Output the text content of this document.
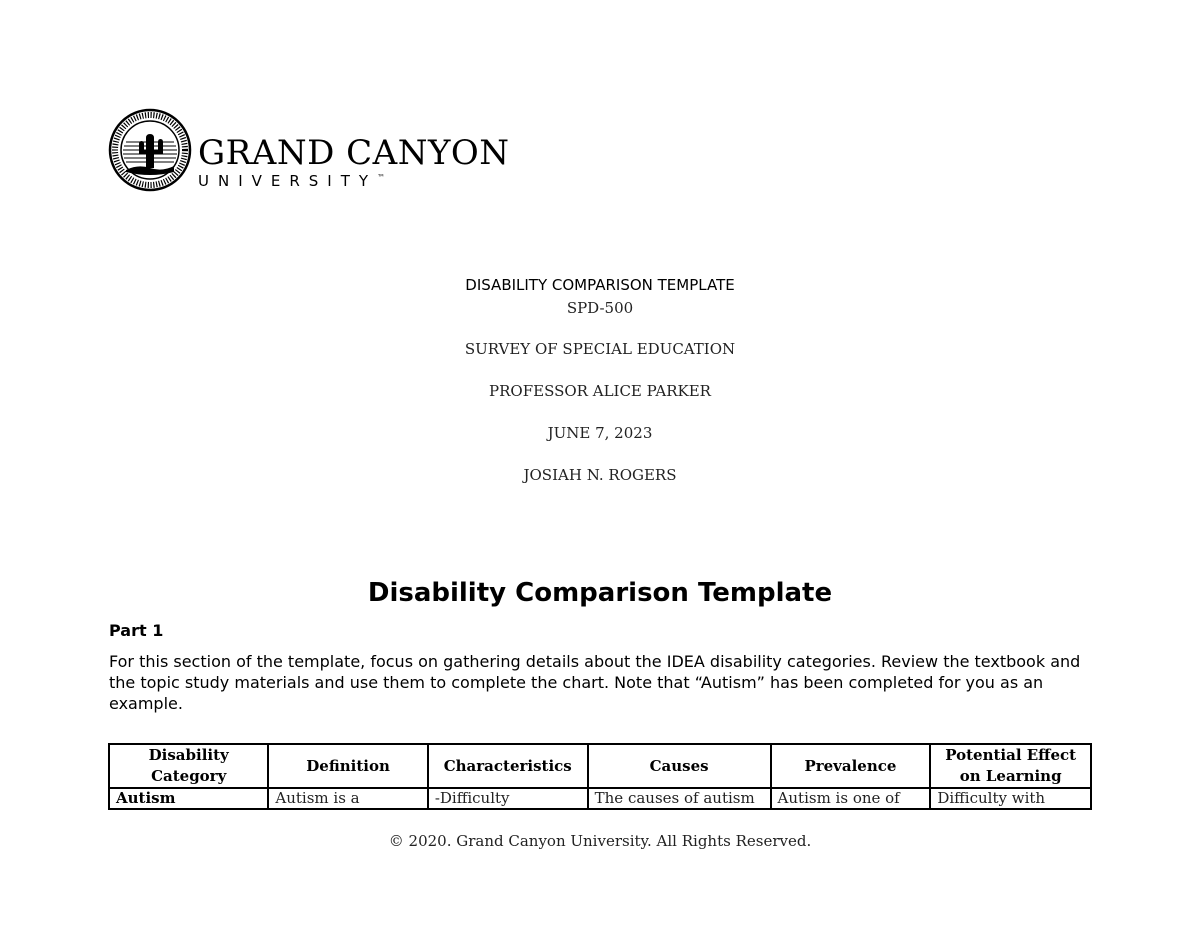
GRAND CANYON
UNIVERSITY™
DISABILITY COMPARISON TEMPLATE
SPD-500
SURVEY OF SPECIAL EDUCATION
PROFESSOR ALICE PARKER
JUNE 7, 2023
JOSIAH N. ROGERS
Disability Comparison Template
Part 1
For this section of the template, focus on gathering details about the IDEA disability categories. Review the textbook and the topic study materials and use them to complete the chart. Note that “Autism” has been completed for you as an example.
Disability Category	Definition	Characteristics	Causes	Prevalence	Potential Effect on Learning
Autism	Autism is a	-Difficulty	The causes of autism	Autism is one of	Difficulty with
© 2020. Grand Canyon University. All Rights Reserved.
